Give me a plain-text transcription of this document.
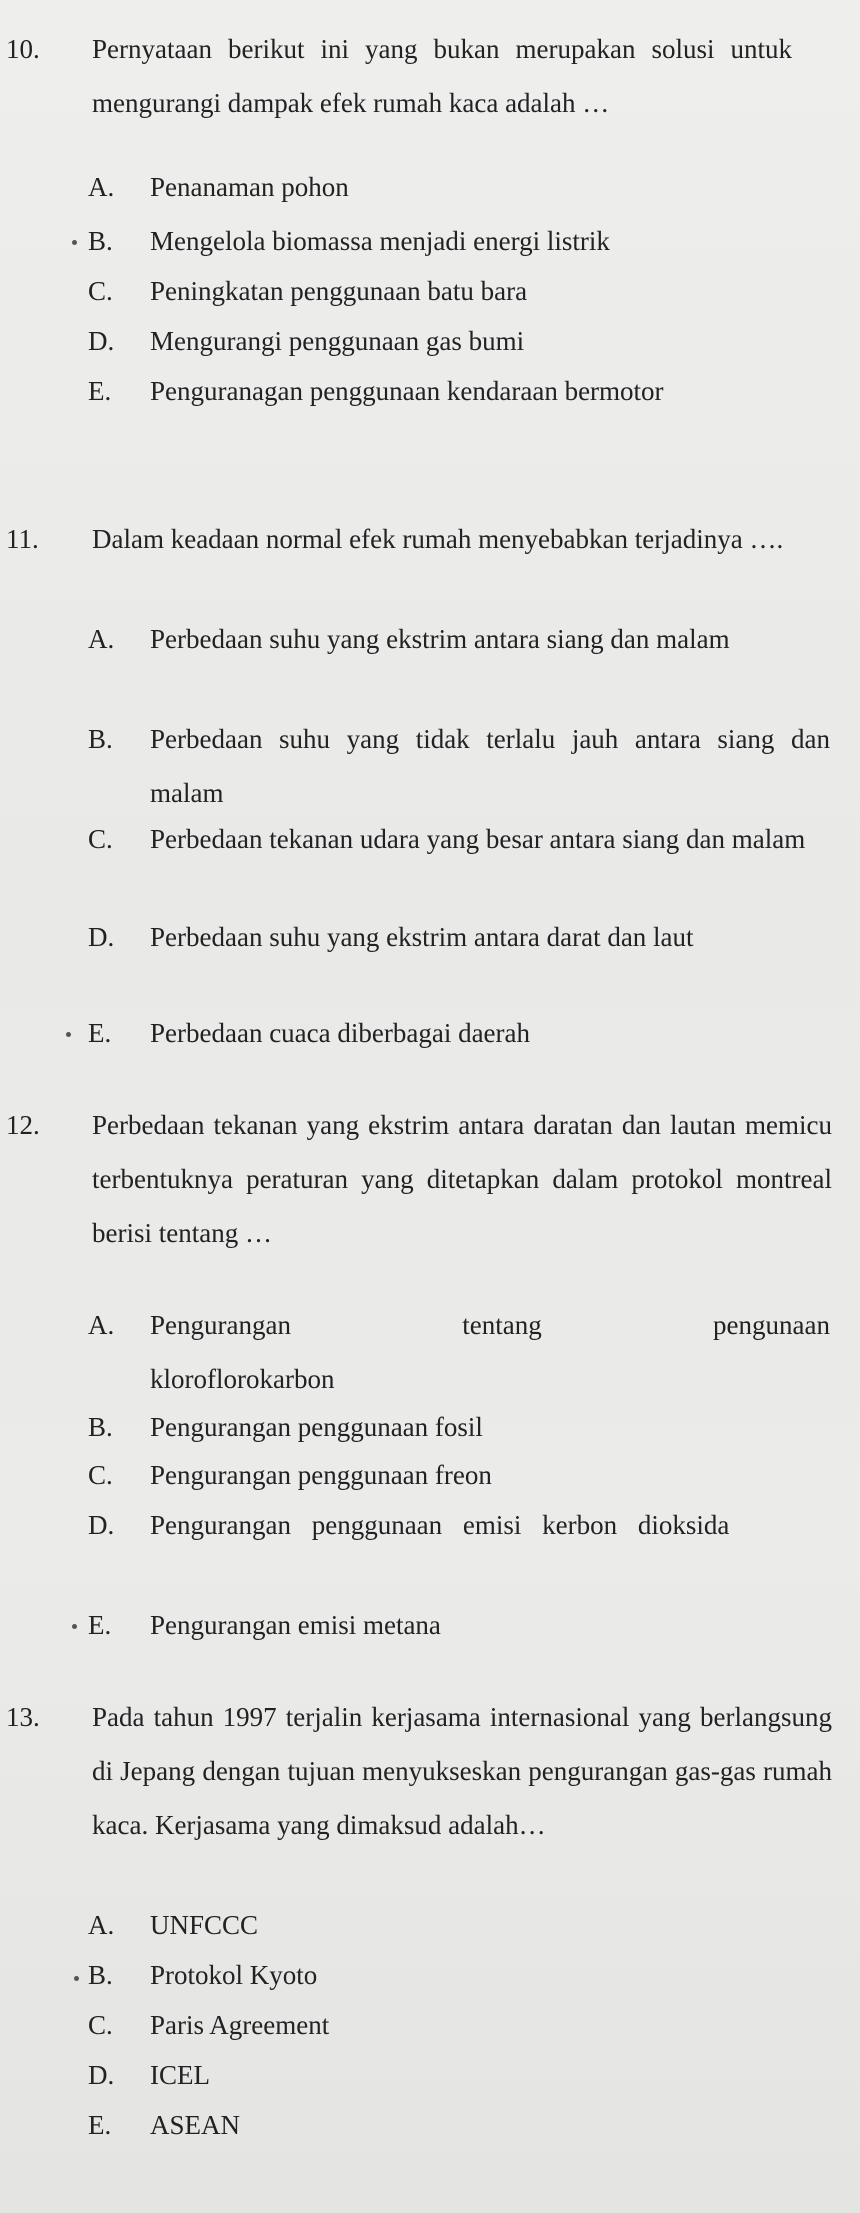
10. Pernyataan berikut ini yang bukan merupakan solusi untuk mengurangi dampak efek rumah kaca adalah …
A. Penanaman pohon
B. Mengelola biomassa menjadi energi listrik
C. Peningkatan penggunaan batu bara
D. Mengurangi penggunaan gas bumi
E. Penguranagan penggunaan kendaraan bermotor
11. Dalam keadaan normal efek rumah menyebabkan terjadinya ….
A. Perbedaan suhu yang ekstrim antara siang dan malam
B. Perbedaan suhu yang tidak terlalu jauh antara siang dan malam
C. Perbedaan tekanan udara yang besar antara siang dan malam
D. Perbedaan suhu yang ekstrim antara darat dan laut
E. Perbedaan cuaca diberbagai daerah
12. Perbedaan tekanan yang ekstrim antara daratan dan lautan memicu terbentuknya peraturan yang ditetapkan dalam protokol montreal berisi tentang …
A. Pengurangan tentang pengunaan kloroflorokarbon
B. Pengurangan penggunaan fosil
C. Pengurangan penggunaan freon
D. Pengurangan penggunaan emisi kerbon dioksida
E. Pengurangan emisi metana
13. Pada tahun 1997 terjalin kerjasama internasional yang berlangsung di Jepang dengan tujuan menyukseskan pengurangan gas-gas rumah kaca. Kerjasama yang dimaksud adalah…
A. UNFCCC
B. Protokol Kyoto
C. Paris Agreement
D. ICEL
E. ASEAN
